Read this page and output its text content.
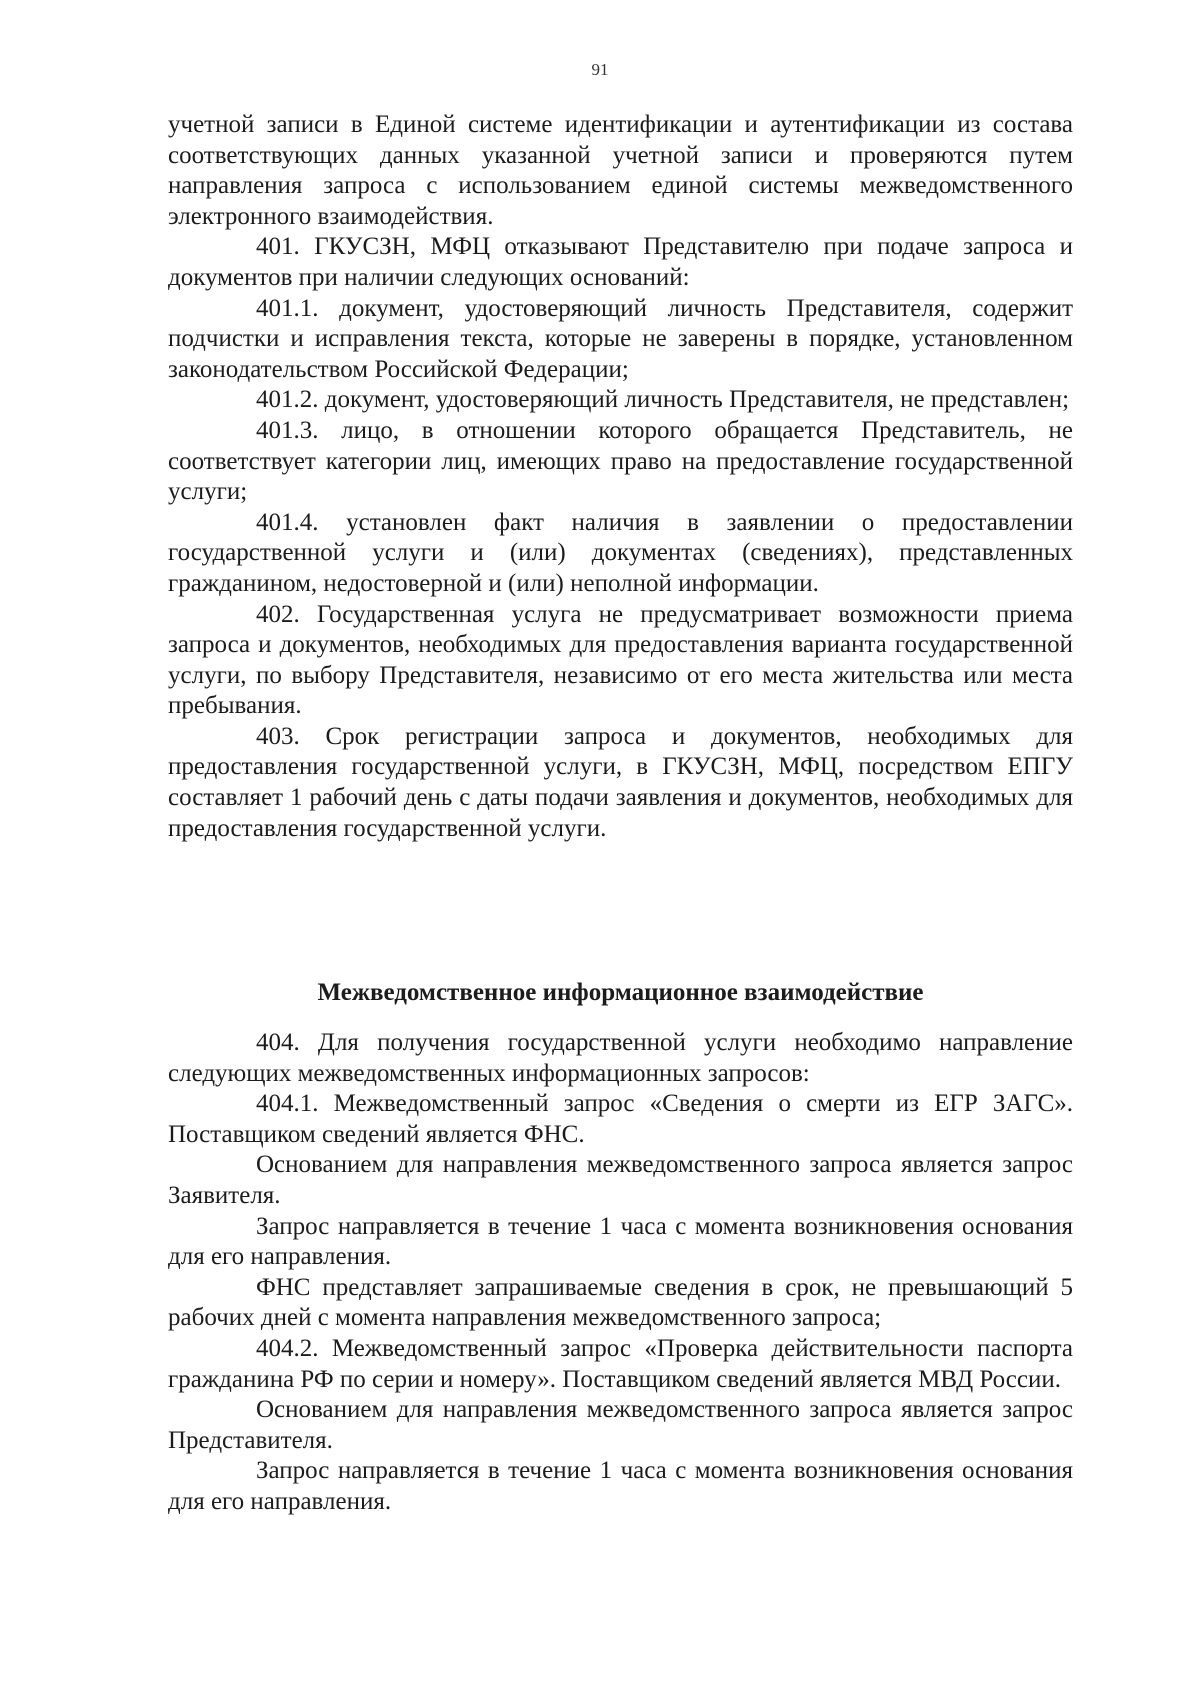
91

учетной записи в Единой системе идентификации и аутентификации из состава соответствующих данных указанной учетной записи и проверяются путем направления запроса с использованием единой системы межведомственного электронного взаимодействия.

401. ГКУСЗН, МФЦ отказывают Представителю при подаче запроса и документов при наличии следующих оснований:

401.1. документ, удостоверяющий личность Представителя, содержит подчистки и исправления текста, которые не заверены в порядке, установленном законодательством Российской Федерации;

401.2. документ, удостоверяющий личность Представителя, не представлен;

401.3. лицо, в отношении которого обращается Представитель, не соответствует категории лиц, имеющих право на предоставление государственной услуги;

401.4. установлен факт наличия в заявлении о предоставлении государственной услуги и (или) документах (сведениях), представленных гражданином, недостоверной и (или) неполной информации.

402. Государственная услуга не предусматривает возможности приема запроса и документов, необходимых для предоставления варианта государственной услуги, по выбору Представителя, независимо от его места жительства или места пребывания.

403. Срок регистрации запроса и документов, необходимых для предоставления государственной услуги, в ГКУСЗН, МФЦ, посредством ЕПГУ составляет 1 рабочий день с даты подачи заявления и документов, необходимых для предоставления государственной услуги.

Межведомственное информационное взаимодействие

404. Для получения государственной услуги необходимо направление следующих межведомственных информационных запросов:

404.1. Межведомственный запрос «Сведения о смерти из ЕГР ЗАГС». Поставщиком сведений является ФНС.

Основанием для направления межведомственного запроса является запрос Заявителя.

Запрос направляется в течение 1 часа с момента возникновения основания для его направления.

ФНС представляет запрашиваемые сведения в срок, не превышающий 5 рабочих дней с момента направления межведомственного запроса;

404.2. Межведомственный запрос «Проверка действительности паспорта гражданина РФ по серии и номеру». Поставщиком сведений является МВД России.

Основанием для направления межведомственного запроса является запрос Представителя.

Запрос направляется в течение 1 часа с момента возникновения основания для его направления.
